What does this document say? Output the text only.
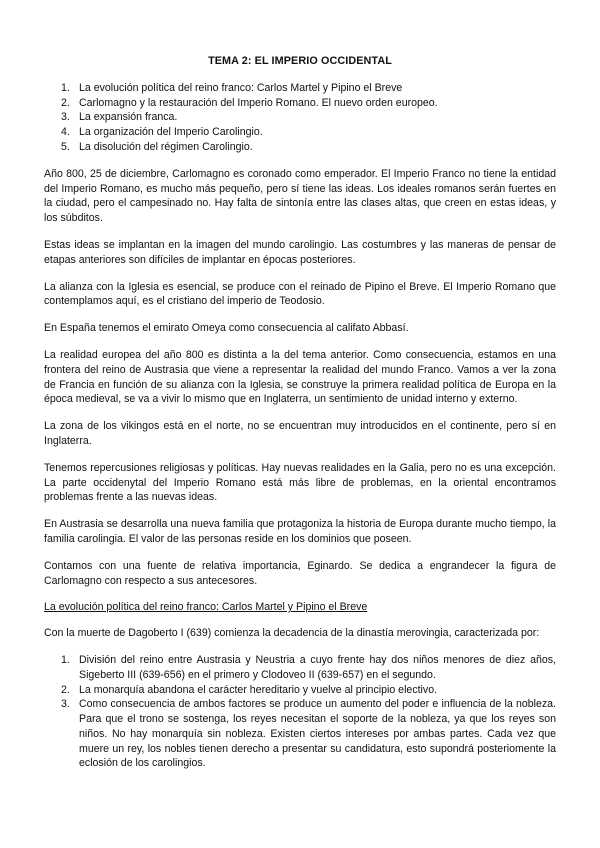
TEMA 2: EL IMPERIO OCCIDENTAL
1. La evolución política del reino franco: Carlos Martel y Pipino el Breve
2. Carlomagno y la restauración del Imperio Romano. El nuevo orden europeo.
3. La expansión franca.
4. La organización del Imperio Carolingio.
5. La disolución del régimen Carolingio.

Año 800, 25 de diciembre, Carlomagno es coronado como emperador. El Imperio Franco no tiene la entidad del Imperio Romano, es mucho más pequeño, pero sí tiene las ideas. Los ideales romanos serán fuertes en la ciudad, pero el campesinado no. Hay falta de sintonía entre las clases altas, que creen en estas ideas, y los súbditos.

Estas ideas se implantan en la imagen del mundo carolingio. Las costumbres y las maneras de pensar de etapas anteriores son difíciles de implantar en épocas posteriores.

La alianza con la Iglesia es esencial, se produce con el reinado de Pipino el Breve. El Imperio Romano que contemplamos aquí, es el cristiano del imperio de Teodosio.

En España tenemos el emirato Omeya como consecuencia al califato Abbasí.

La realidad europea del año 800 es distinta a la del tema anterior. Como consecuencia, estamos en una frontera del reino de Austrasia que viene a representar la realidad del mundo Franco. Vamos a ver la zona de Francia en función de su alianza con la Iglesia, se construye la primera realidad política de Europa en la época medieval, se va a vivir lo mismo que en Inglaterra, un sentimiento de unidad interno y externo.

La zona de los vikingos está en el norte, no se encuentran muy introducidos en el continente, pero sí en Inglaterra.

Tenemos repercusiones religiosas y políticas. Hay nuevas realidades en la Galia, pero no es una excepción. La parte occidenytal del Imperio Romano está más libre de problemas, en la oriental encontramos problemas frente a las nuevas ideas.

En Austrasia se desarrolla una nueva familia que protagoniza la historia de Europa durante mucho tiempo, la familia carolingia. El valor de las personas reside en los dominios que poseen.

Contamos con una fuente de relativa importancia, Eginardo. Se dedica a engrandecer la figura de Carlomagno con respecto a sus antecesores.

La evolución política del reino franco: Carlos Martel y Pipino el Breve

Con la muerte de Dagoberto I (639) comienza la decadencia de la dinastía merovingia, caracterizada por:

1. División del reino entre Austrasia y Neustria a cuyo frente hay dos niños menores de diez años, Sigeberto III (639-656) en el primero y Clodoveo II (639-657) en el segundo.
2. La monarquía abandona el carácter hereditario y vuelve al principio electivo.
3. Como consecuencia de ambos factores se produce un aumento del poder e influencia de la nobleza. Para que el trono se sostenga, los reyes necesitan el soporte de la nobleza, ya que los reyes son niños. No hay monarquía sin nobleza. Existen ciertos intereses por ambas partes. Cada vez que muere un rey, los nobles tienen derecho a presentar su candidatura, esto supondrá posteriomente la eclosión de los carolingios.
